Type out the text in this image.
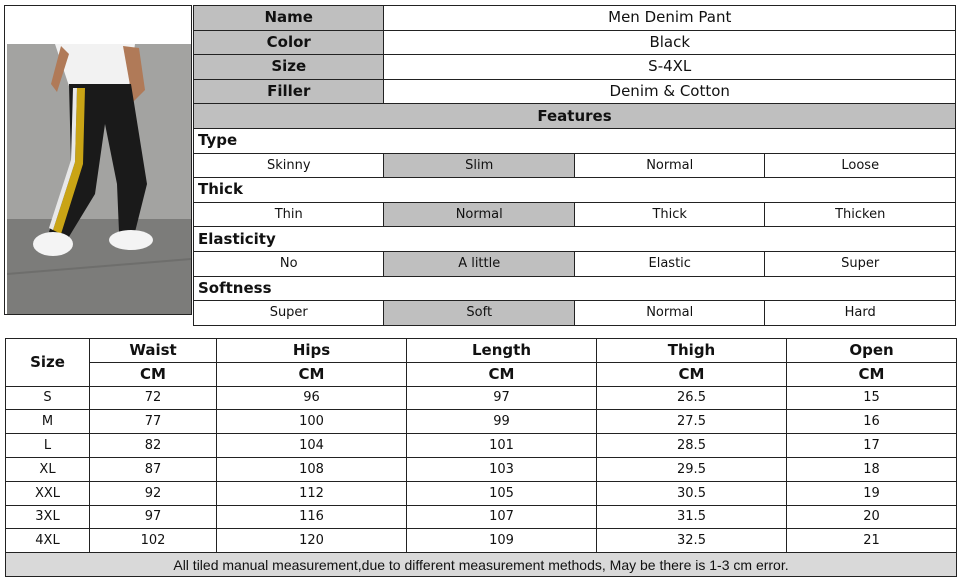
Name	Men Denim Pant		
Color	Black		
Size	S-4XL		
Filler	Denim & Cotton		
Features			
Type			
Skinny	Slim	Normal	Loose
Thick			
Thin	Normal	Thick	Thicken
Elasticity			
No	A little	Elastic	Super
Softness			
Super	Soft	Normal	Hard
Size	Waist	Hips	Length	Thigh	Open
	CM	CM	CM	CM	CM
S	72	96	97	26.5	15
M	77	100	99	27.5	16
L	82	104	101	28.5	17
XL	87	108	103	29.5	18
XXL	92	112	105	30.5	19
3XL	97	116	107	31.5	20
4XL	102	120	109	32.5	21
All tiled manual measurement,due to different measurement methods, May be there is 1-3 cm error.					
